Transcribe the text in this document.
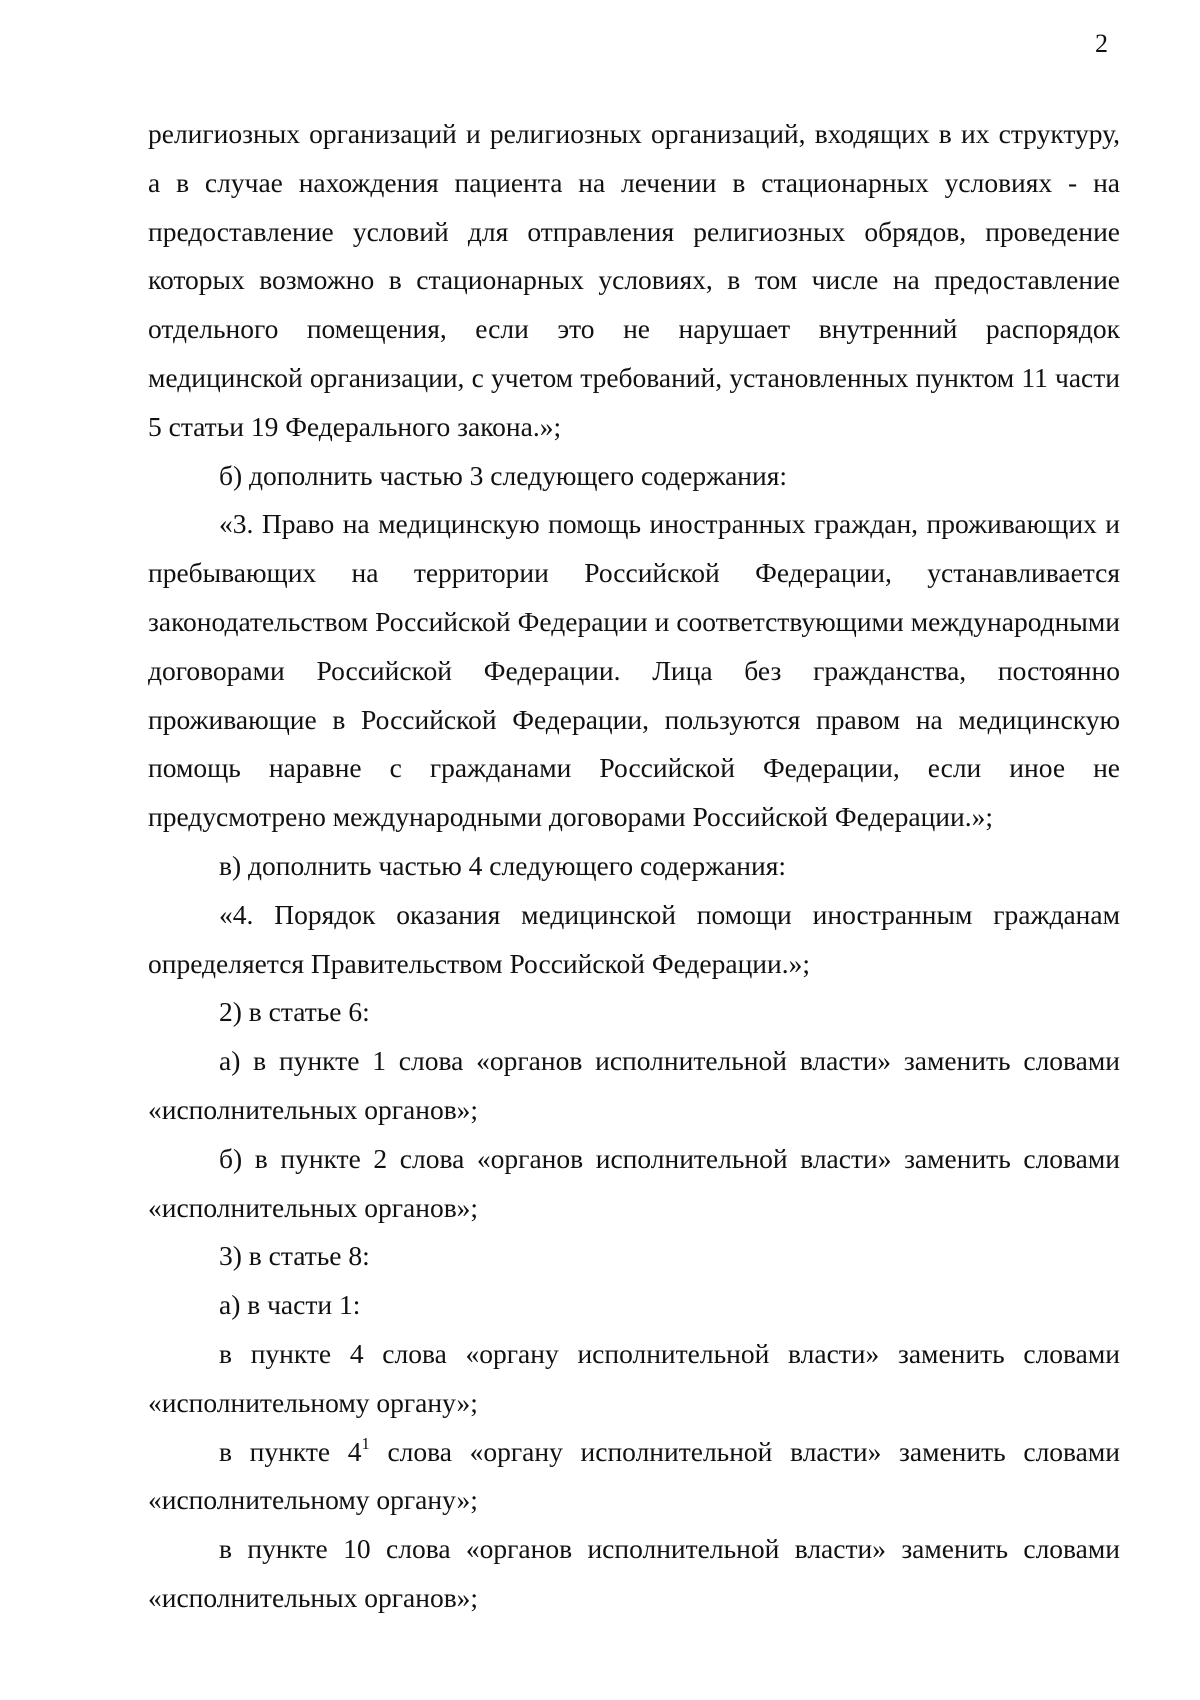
2

религиозных организаций и религиозных организаций, входящих в их структуру, а в случае нахождения пациента на лечении в стационарных условиях - на предоставление условий для отправления религиозных обрядов, проведение которых возможно в стационарных условиях, в том числе на предоставление отдельного помещения, если это не нарушает внутренний распорядок медицинской организации, с учетом требований, установленных пунктом 11 части 5 статьи 19 Федерального закона.»;

б) дополнить частью 3 следующего содержания:

«3. Право на медицинскую помощь иностранных граждан, проживающих и пребывающих на территории Российской Федерации, устанавливается законодательством Российской Федерации и соответствующими международными договорами Российской Федерации. Лица без гражданства, постоянно проживающие в Российской Федерации, пользуются правом на медицинскую помощь наравне с гражданами Российской Федерации, если иное не предусмотрено международными договорами Российской Федерации.»;

в) дополнить частью 4 следующего содержания:

«4. Порядок оказания медицинской помощи иностранным гражданам определяется Правительством Российской Федерации.»;

2) в статье 6:

а) в пункте 1 слова «органов исполнительной власти» заменить словами «исполнительных органов»;

б) в пункте 2 слова «органов исполнительной власти» заменить словами «исполнительных органов»;

3) в статье 8:

а) в части 1:

в пункте 4 слова «органу исполнительной власти» заменить словами «исполнительному органу»;

в пункте $4^1$ слова «органу исполнительной власти» заменить словами «исполнительному органу»;

в пункте 10 слова «органов исполнительной власти» заменить словами «исполнительных органов»;
